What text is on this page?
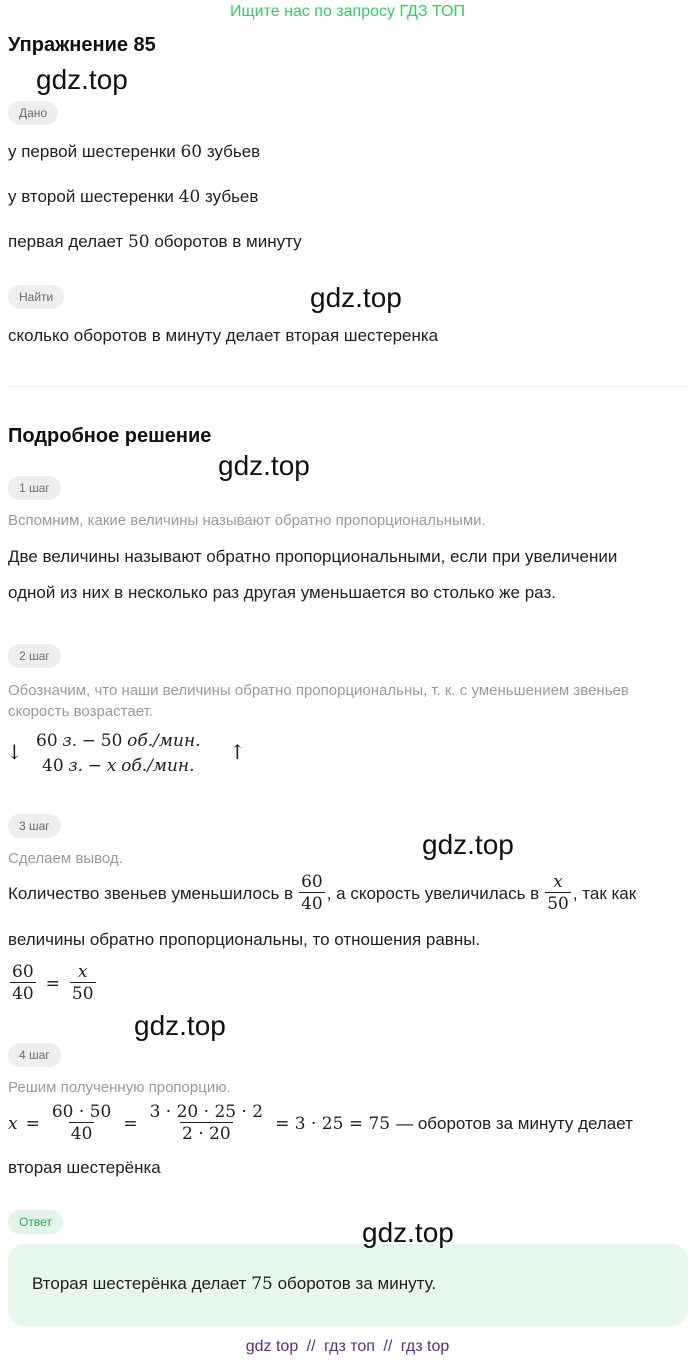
Ищите нас по запросу ГДЗ ТОП
Упражнение 85
gdz.top
Дано
у первой шестеренки 60 зубьев
у второй шестеренки 40 зубьев
первая делает 50 оборотов в минуту
Найти	gdz.top
сколько оборотов в минуту делает вторая шестеренка
Подробное решение
gdz.top
1 шаг
Вспомним, какие величины называют обратно пропорциональными.
Две величины называют обратно пропорциональными, если при увеличении
одной из них в несколько раз другая уменьшается во столько же раз.
2 шаг
Обозначим, что наши величины обратно пропорциональны, т. к. с уменьшением звеньев
скорость возрастает.
↓	↑
60 з. − 50 об./мин.
40 з. − x об./мин.
3 шаг
gdz.top
Сделаем вывод.
Количество звеньев уменьшилось в $\frac{60}{40}$ , а скорость увеличилась в $\frac{x}{50}$ , так как
величины обратно пропорциональны, то отношения равны.
$\frac{60}{40} = \frac{x}{50}$
gdz.top
4 шаг
Решим полученную пропорцию.
$x = \frac{60 \cdot 50}{40} = \frac{3 \cdot 20 \cdot 25 \cdot 2}{2 \cdot 20} = 3 \cdot 25 = 75$ — оборотов за минуту делает
вторая шестерёнка
Ответ	gdz.top
Вторая шестерёнка делает 75 оборотов за минуту.
gdz top // гдз топ // гдз top
